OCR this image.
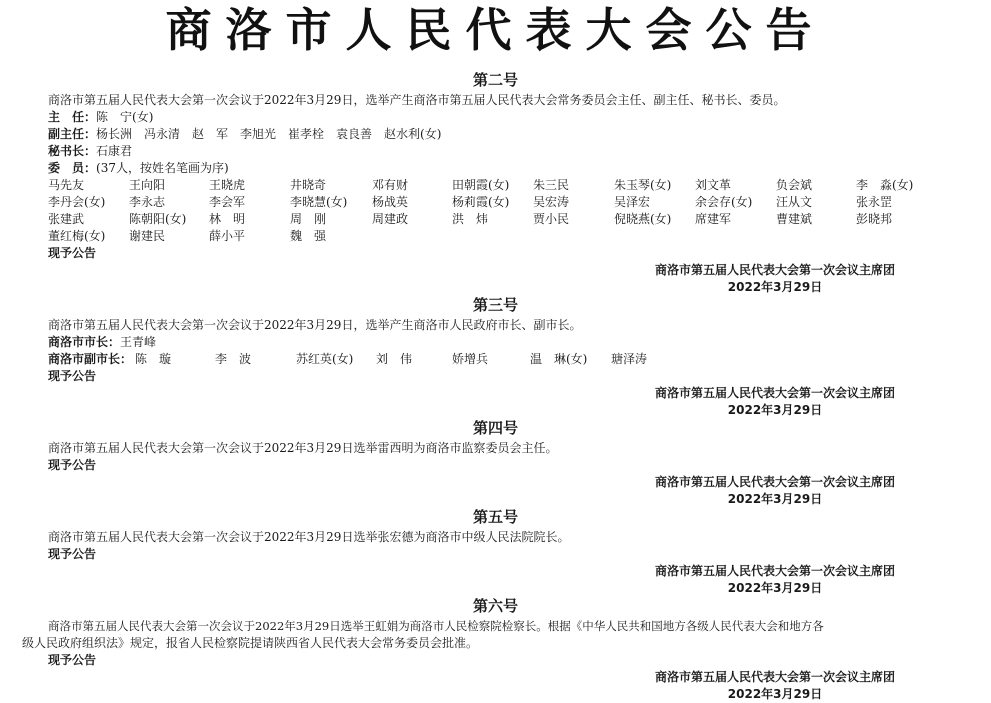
商洛市人民代表大会公告
第二号
商洛市第五届人民代表大会第一次会议于2022年3月29日，选举产生商洛市第五届人民代表大会常务委员会主任、副主任、秘书长、委员。
主　任：陈　宁(女)
副主任：杨长洲　冯永清　赵　军　李旭光　崔孝栓　袁良善　赵水利(女)
秘书长：石康君
委　员：(37人，按姓名笔画为序)
马先友	王向阳	王晓虎	井晓奇	邓有财	田朝霞(女) 朱三民	朱玉琴(女) 刘文革	负会斌	李　淼(女)
李丹会(女) 李永志	李会军	李晓慧(女) 杨战英	杨莉霞(女) 吴宏涛	吴泽宏	余会存(女) 汪从文	张永罡
张建武	陈朝阳(女) 林　明	周　刚	周建政	洪　炜	贾小民	倪晓燕(女) 席建军	曹建斌	彭晓邦
董红梅(女) 谢建民	薛小平	魏　强
现予公告
商洛市第五届人民代表大会第一次会议主席团
2022年3月29日
第三号
商洛市第五届人民代表大会第一次会议于2022年3月29日，选举产生商洛市人民政府市长、副市长。
商洛市市长：王青峰
商洛市副市长： 陈　璇	李　波	苏红英(女) 刘　伟	娇增兵	温　琳(女) 瑭泽涛
现予公告
商洛市第五届人民代表大会第一次会议主席团
2022年3月29日
第四号
商洛市第五届人民代表大会第一次会议于2022年3月29日选举雷西明为商洛市监察委员会主任。
现予公告
商洛市第五届人民代表大会第一次会议主席团
2022年3月29日
第五号
商洛市第五届人民代表大会第一次会议于2022年3月29日选举张宏德为商洛市中级人民法院院长。
现予公告
商洛市第五届人民代表大会第一次会议主席团
2022年3月29日
第六号
商洛市第五届人民代表大会第一次会议于2022年3月29日选举王虹娟为商洛市人民检察院检察长。根据《中华人民共和国地方各级人民代表大会和地方各
级人民政府组织法》规定，报省人民检察院提请陕西省人民代表大会常务委员会批准。
现予公告
商洛市第五届人民代表大会第一次会议主席团
2022年3月29日
